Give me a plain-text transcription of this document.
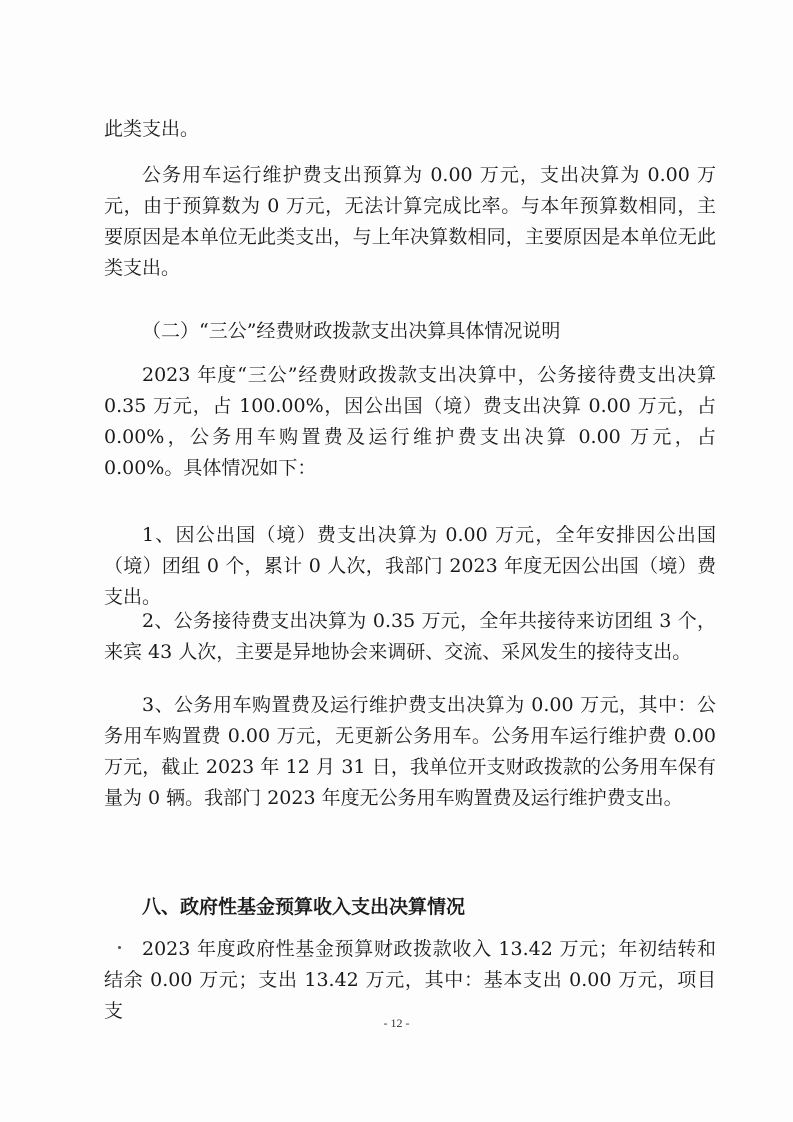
此类支出。

公务用车运行维护费支出预算为 0.00 万元，支出决算为 0.00 万元，由于预算数为 0 万元，无法计算完成比率。与本年预算数相同，主要原因是本单位无此类支出，与上年决算数相同，主要原因是本单位无此类支出。

（二）“三公”经费财政拨款支出决算具体情况说明

2023 年度“三公”经费财政拨款支出决算中，公务接待费支出决算 0.35 万元，占 100.00%，因公出国（境）费支出决算 0.00 万元，占 0.00%，公务用车购置费及运行维护费支出决算 0.00 万元，占 0.00%。具体情况如下：

1、因公出国（境）费支出决算为 0.00 万元，全年安排因公出国（境）团组 0 个，累计 0 人次，我部门 2023 年度无因公出国（境）费支出。

2、公务接待费支出决算为 0.35 万元，全年共接待来访团组 3 个，来宾 43 人次，主要是异地协会来调研、交流、采风发生的接待支出。

3、公务用车购置费及运行维护费支出决算为 0.00 万元，其中：公务用车购置费 0.00 万元，无更新公务用车。公务用车运行维护费 0.00 万元，截止 2023 年 12 月 31 日，我单位开支财政拨款的公务用车保有量为 0 辆。我部门 2023 年度无公务用车购置费及运行维护费支出。

八、政府性基金预算收入支出决算情况

2023 年度政府性基金预算财政拨款收入 13.42 万元；年初结转和结余 0.00 万元；支出 13.42 万元，其中：基本支出 0.00 万元，项目支

- 12 -
